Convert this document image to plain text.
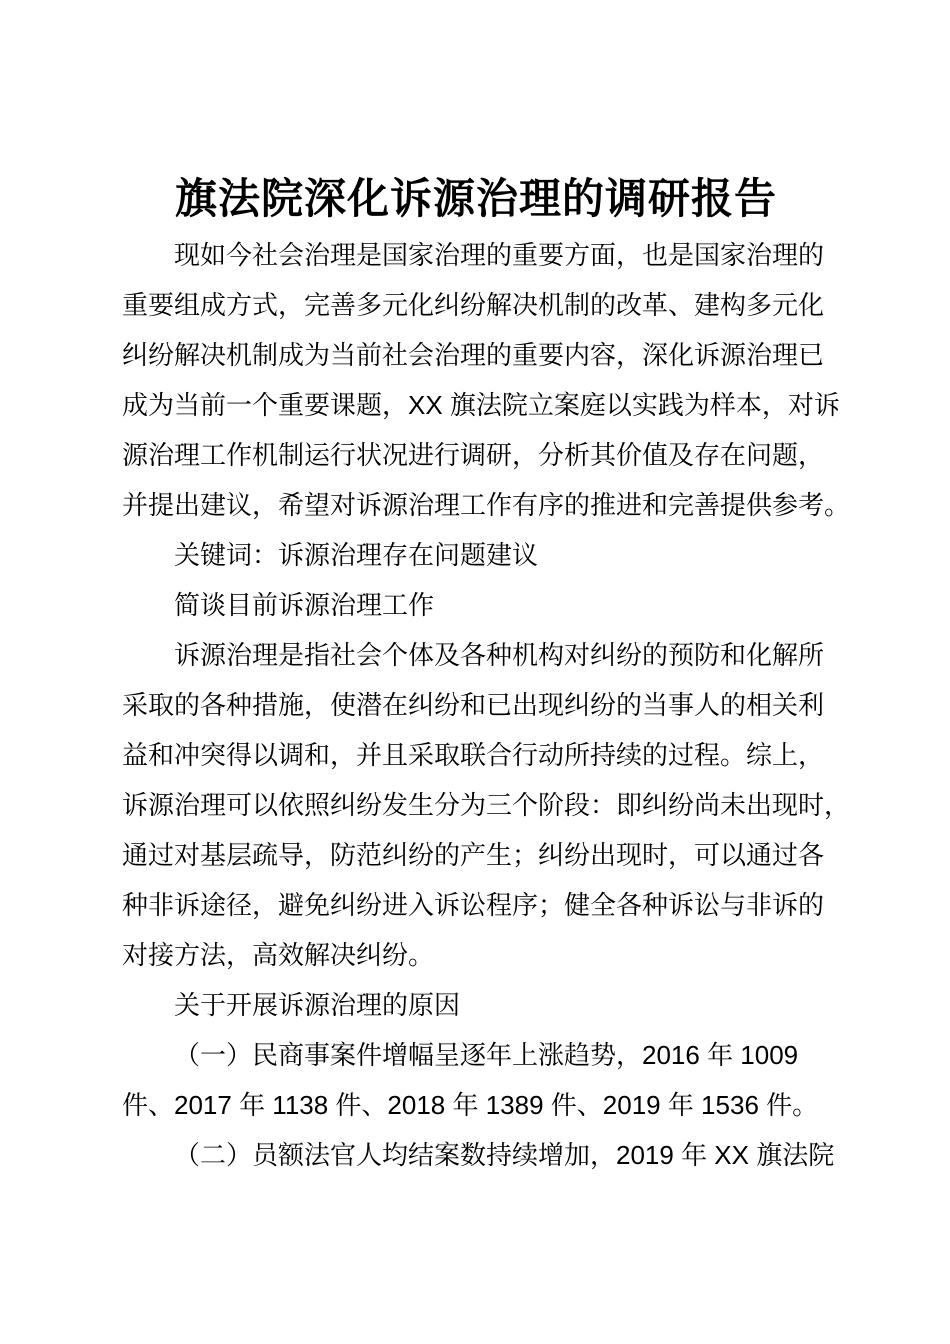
旗法院深化诉源治理的调研报告
现如今社会治理是国家治理的重要方面，也是国家治理的
重要组成方式，完善多元化纠纷解决机制的改革、建构多元化
纠纷解决机制成为当前社会治理的重要内容，深化诉源治理已
成为当前一个重要课题，XX 旗法院立案庭以实践为样本，对诉
源治理工作机制运行状况进行调研，分析其价值及存在问题，
并提出建议，希望对诉源治理工作有序的推进和完善提供参考。
关键词：诉源治理存在问题建议
简谈目前诉源治理工作
诉源治理是指社会个体及各种机构对纠纷的预防和化解所
采取的各种措施，使潜在纠纷和已出现纠纷的当事人的相关利
益和冲突得以调和，并且采取联合行动所持续的过程。综上，
诉源治理可以依照纠纷发生分为三个阶段：即纠纷尚未出现时，
通过对基层疏导，防范纠纷的产生；纠纷出现时，可以通过各
种非诉途径，避免纠纷进入诉讼程序；健全各种诉讼与非诉的
对接方法，高效解决纠纷。
关于开展诉源治理的原因
（一）民商事案件增幅呈逐年上涨趋势，2016 年 1009
件、2017 年 1138 件、2018 年 1389 件、2019 年 1536 件。
（二）员额法官人均结案数持续增加，2019 年 XX 旗法院
